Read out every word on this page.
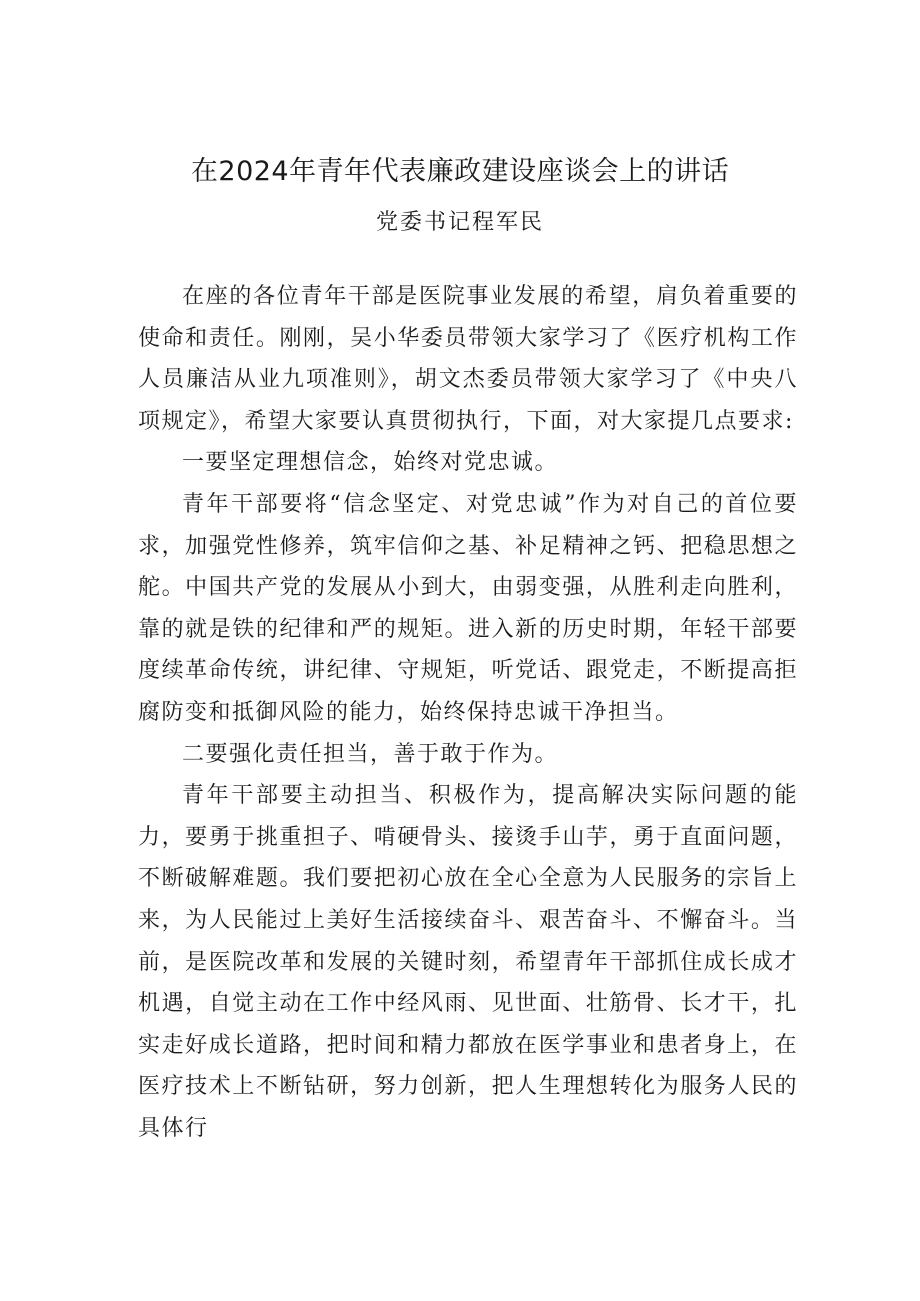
在2024年青年代表廉政建设座谈会上的讲话
党委书记程军民

在座的各位青年干部是医院事业发展的希望，肩负着重要的使命和责任。刚刚，吴小华委员带领大家学习了《医疗机构工作人员廉洁从业九项准则》，胡文杰委员带领大家学习了《中央八项规定》，希望大家要认真贯彻执行，下面，对大家提几点要求:

一要坚定理想信念，始终对党忠诚。

青年干部要将“信念坚定、对党忠诚”作为对自己的首位要求，加强党性修养，筑牢信仰之基、补足精神之钙、把稳思想之舵。中国共产党的发展从小到大，由弱变强，从胜利走向胜利，靠的就是铁的纪律和严的规矩。进入新的历史时期，年轻干部要度续革命传统，讲纪律、守规矩，听党话、跟党走，不断提高拒腐防变和抵御风险的能力，始终保持忠诚干净担当。

二要强化责任担当，善于敢于作为。

青年干部要主动担当、积极作为，提高解决实际问题的能力，要勇于挑重担子、啃硬骨头、接烫手山芋，勇于直面问题，不断破解难题。我们要把初心放在全心全意为人民服务的宗旨上来，为人民能过上美好生活接续奋斗、艰苦奋斗、不懈奋斗。当前，是医院改革和发展的关键时刻，希望青年干部抓住成长成才机遇，自觉主动在工作中经风雨、见世面、壮筋骨、长才干，扎实走好成长道路，把时间和精力都放在医学事业和患者身上，在医疗技术上不断钻研，努力创新，把人生理想转化为服务人民的具体行
